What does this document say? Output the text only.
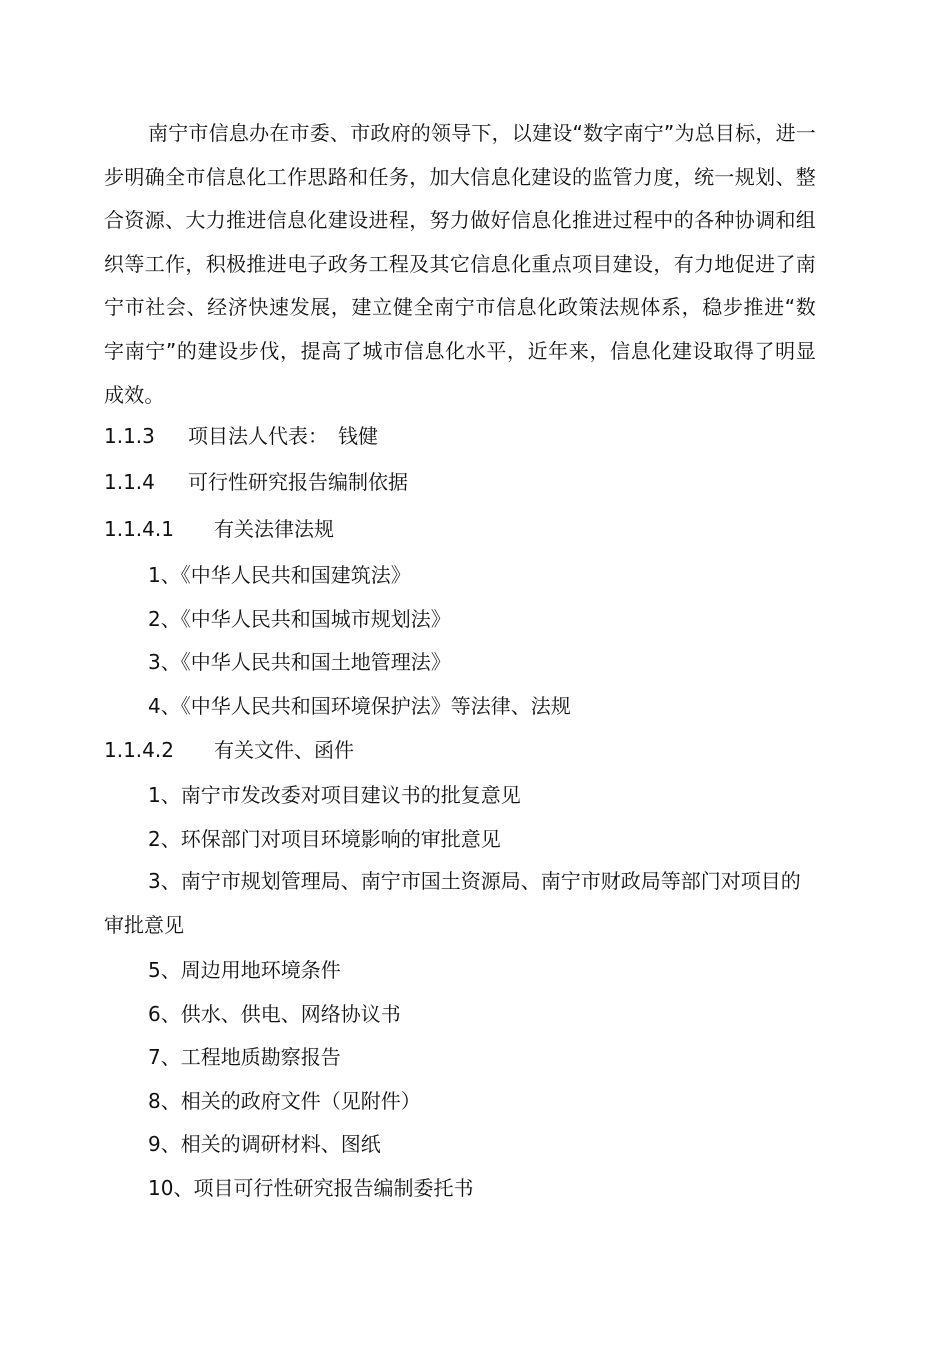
南宁市信息办在市委、市政府的领导下，以建设“数字南宁”为总目标，进一步明确全市信息化工作思路和任务，加大信息化建设的监管力度，统一规划、整合资源、大力推进信息化建设进程，努力做好信息化推进过程中的各种协调和组织等工作，积极推进电子政务工程及其它信息化重点项目建设，有力地促进了南宁市社会、经济快速发展，建立健全南宁市信息化政策法规体系，稳步推进“数字南宁”的建设步伐，提高了城市信息化水平，近年来，信息化建设取得了明显成效。

1.1.3 项目法人代表：　钱健
1.1.4 可行性研究报告编制依据
1.1.4.1 有关法律法规
1、《中华人民共和国建筑法》
2、《中华人民共和国城市规划法》
3、《中华人民共和国土地管理法》
4、《中华人民共和国环境保护法》等法律、法规
1.1.4.2 有关文件、函件
1、南宁市发改委对项目建议书的批复意见
2、环保部门对项目环境影响的审批意见

3、南宁市规划管理局、南宁市国土资源局、南宁市财政局等部门对项目的审批意见

5、周边用地环境条件
6、供水、供电、网络协议书
7、工程地质勘察报告
8、相关的政府文件（见附件）
9、相关的调研材料、图纸
10、项目可行性研究报告编制委托书
